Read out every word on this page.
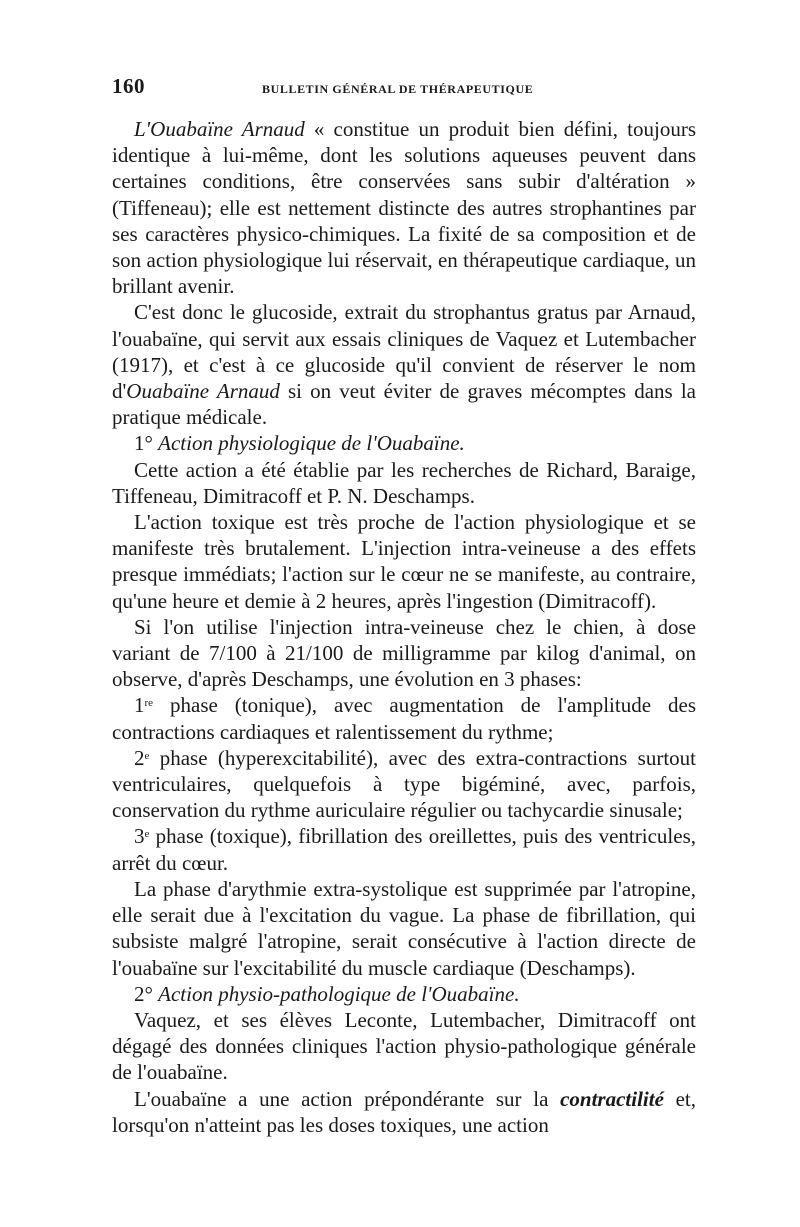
160	BULLETIN GÉNÉRAL DE THÉRAPEUTIQUE

L'Ouabaïne Arnaud « constitue un produit bien défini, toujours identique à lui-même, dont les solutions aqueuses peuvent dans certaines conditions, être conservées sans subir d'altération » (Tiffeneau); elle est nettement distincte des autres strophantines par ses caractères physico-chimiques. La fixité de sa composition et de son action physiologique lui réservait, en thérapeutique cardiaque, un brillant avenir.

C'est donc le glucoside, extrait du strophantus gratus par Arnaud, l'ouabaïne, qui servit aux essais cliniques de Vaquez et Lutembacher (1917), et c'est à ce glucoside qu'il convient de réserver le nom d'Ouabaïne Arnaud si on veut éviter de graves mécomptes dans la pratique médicale.

1° Action physiologique de l'Ouabaïne.

Cette action a été établie par les recherches de Richard, Baraige, Tiffeneau, Dimitracoff et P. N. Deschamps.

L'action toxique est très proche de l'action physiologique et se manifeste très brutalement. L'injection intra-veineuse a des effets presque immédiats; l'action sur le cœur ne se manifeste, au contraire, qu'une heure et demie à 2 heures, après l'ingestion (Dimitracoff).

Si l'on utilise l'injection intra-veineuse chez le chien, à dose variant de 7/100 à 21/100 de milligramme par kilog d'animal, on observe, d'après Deschamps, une évolution en 3 phases:

1re phase (tonique), avec augmentation de l'amplitude des contractions cardiaques et ralentissement du rythme;

2e phase (hyperexcitabilité), avec des extra-contractions surtout ventriculaires, quelquefois à type bigéminé, avec, parfois, conservation du rythme auriculaire régulier ou tachycardie sinusale;

3e phase (toxique), fibrillation des oreillettes, puis des ventricules, arrêt du cœur.

La phase d'arythmie extra-systolique est supprimée par l'atropine, elle serait due à l'excitation du vague. La phase de fibrillation, qui subsiste malgré l'atropine, serait consécutive à l'action directe de l'ouabaïne sur l'excitabilité du muscle cardiaque (Deschamps).

2° Action physio-pathologique de l'Ouabaïne.

Vaquez, et ses élèves Leconte, Lutembacher, Dimitracoff ont dégagé des données cliniques l'action physio-pathologique générale de l'ouabaïne.

L'ouabaïne a une action prépondérante sur la contractilité et, lorsqu'on n'atteint pas les doses toxiques, une action
